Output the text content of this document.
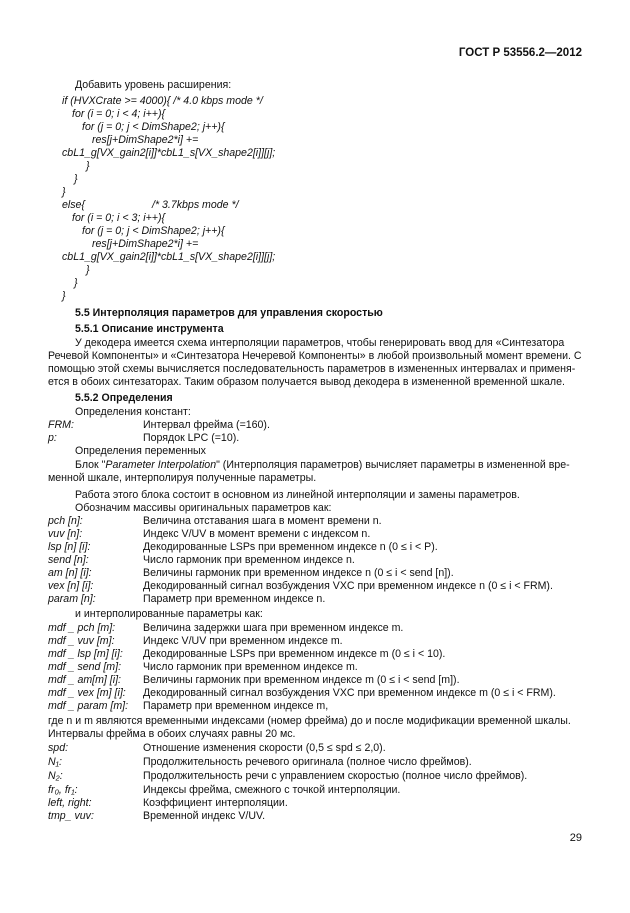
ГОСТ Р 53556.2—2012
Добавить уровень расширения:
if (HVXCrate >= 4000){ /* 4.0 kbps mode */
for (i = 0; i < 4; i++){
for (j = 0; j < DimShape2; j++){
res[j+DimShape2*i] +=
cbL1_g[VX_gain2[i]]*cbL1_s[VX_shape2[i]][j];
}
}
}
else{	/* 3.7kbps mode */
for (i = 0; i < 3; i++){
for (j = 0; j < DimShape2; j++){
res[j+DimShape2*i] +=
cbL1_g[VX_gain2[i]]*cbL1_s[VX_shape2[i]][j];
}
}
}
5.5 Интерполяция параметров для управления скоростью
5.5.1 Описание инструмента
У декодера имеется схема интерполяции параметров, чтобы генерировать ввод для «Синтезатора
Речевой Компоненты» и «Синтезатора Нечеревой Компоненты» в любой произвольный момент времени. С
помощью этой схемы вычисляется последовательность параметров в измененных интервалах и применя-
ется в обоих синтезаторах. Таким образом получается вывод декодера в измененной временной шкале.
5.5.2 Определения
Определения констант:
FRM:	Интервал фрейма (=160).
p:	Порядок LPC (=10).
Определения переменных
Блок "Parameter Interpolation" (Интерполяция параметров) вычисляет параметры в измененной вре-
менной шкале, интерполируя полученные параметры.
Работа этого блока состоит в основном из линейной интерполяции и замены параметров.
Обозначим массивы оригинальных параметров как:
pch [n]:	Величина отставания шага в момент времени n.
vuv [n]:	Индекс V/UV в момент времени с индексом n.
lsp [n] [i]:	Декодированные LSPs при временном индексе n (0 ≤ i < P).
send [n]:	Число гармоник при временном индексе n.
am [n] [i]:	Величины гармоник при временном индексе n (0 ≤ i < send [n]).
vex [n] [i]:	Декодированный сигнал возбуждения VXC при временном индексе n (0 ≤ i < FRM).
param [n]:	Параметр при временном индексе n.
и интерполированные параметры как:
mdf _ pch [m]:	Величина задержки шага при временном индексе m.
mdf _ vuv [m]:	Индекс V/UV при временном индексе m.
mdf _ lsp [m] [i]: Декодированные LSPs при временном индексе m (0 ≤ i < 10).
mdf _ send [m]: Число гармоник при временном индексе m.
mdf _ am[m] [i]: Величины гармоник при временном индексе m (0 ≤ i < send [m]).
mdf _ vex [m] [i]: Декодированный сигнал возбуждения VXC при временном индексе m (0 ≤ i < FRM).
mdf _ param [m]: Параметр при временном индексе m,
где n и m являются временными индексами (номер фрейма) до и после модификации временной шкалы.
Интервалы фрейма в обоих случаях равны 20 мс.
spd:	Отношение изменения скорости (0,5 ≤ spd ≤ 2,0).
N₁:	Продолжительность речевого оригинала (полное число фреймов).
N₂:	Продолжительность речи с управлением скоростью (полное число фреймов).
fr₀, fr₁:	Индексы фрейма, смежного с точкой интерполяции.
left, right:	Коэффициент интерполяции.
tmp_ vuv:	Временной индекс V/UV.
29
